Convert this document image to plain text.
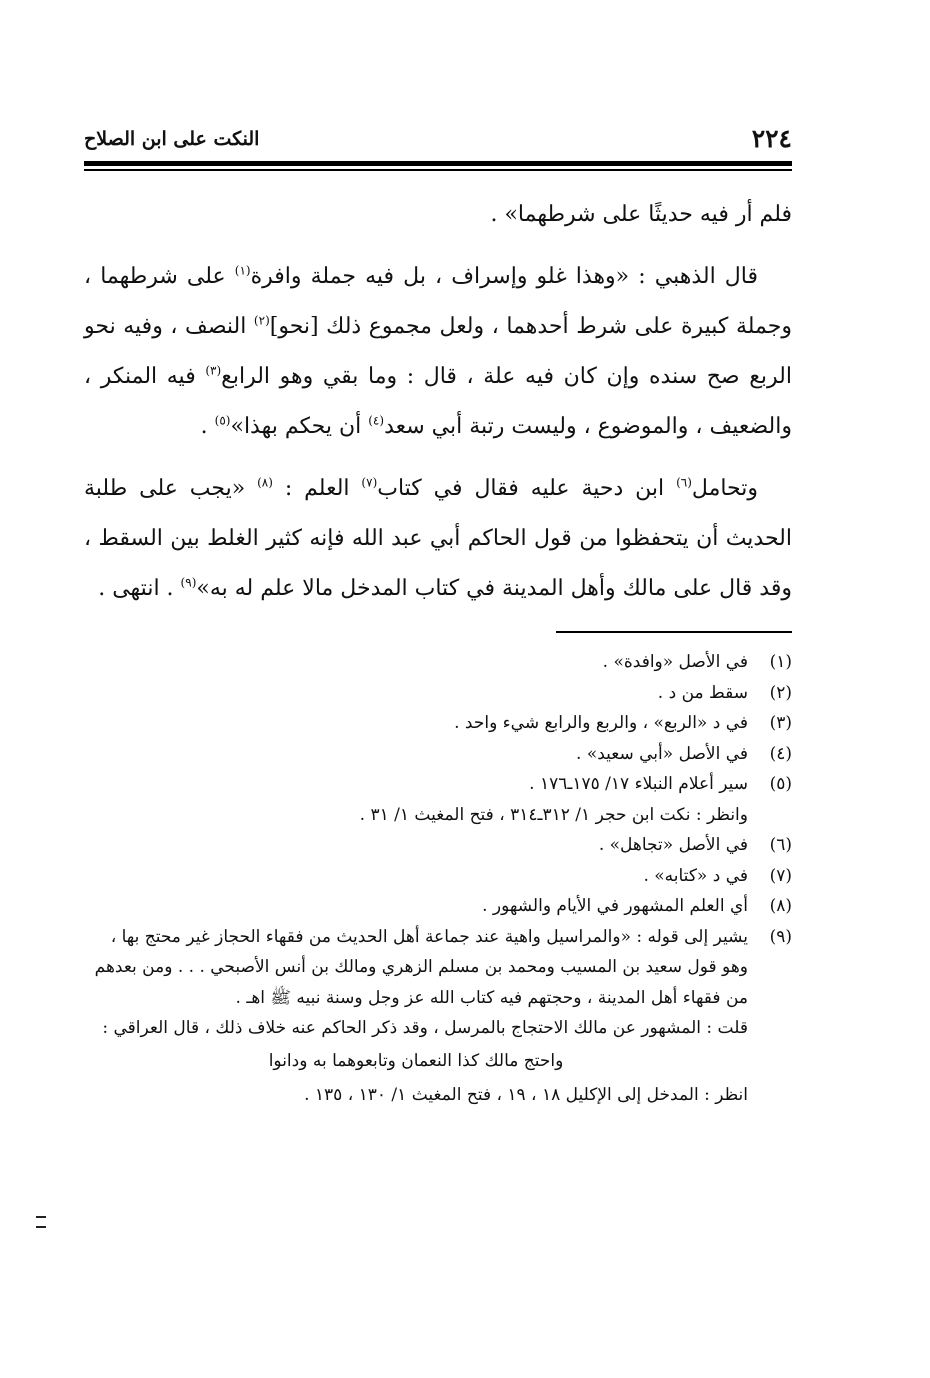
٢٢٤
النكت على ابن الصلاح

فلم أر فيه حديثًا على شرطهما» .

قال الذهبي : «وهذا غلو وإسراف ، بل فيه جملة وافرة$^{(١)}$ على شرطهما ، وجملة كبيرة على شرط أحدهما ، ولعل مجموع ذلك [نحو]$^{(٢)}$ النصف ، وفيه نحو الربع صح سنده وإن كان فيه علة ، قال : وما بقي وهو الرابع$^{(٣)}$ فيه المنكر ، والضعيف ، والموضوع ، وليست رتبة أبي سعد$^{(٤)}$ أن يحكم بهذا»$^{(٥)}$ .

وتحامل$^{(٦)}$ ابن دحية عليه فقال في كتاب$^{(٧)}$ العلم : $^{(٨)}$ «يجب على طلبة الحديث أن يتحفظوا من قول الحاكم أبي عبد الله فإنه كثير الغلط بين السقط ، وقد قال على مالك وأهل المدينة في كتاب المدخل مالا علم له به»$^{(٩)}$ . انتهى .

(١)
في الأصل «وافدة» .
(٢)
سقط من د .
(٣)
في د «الربع» ، والربع والرابع شيء واحد .
(٤)
في الأصل «أبي سعيد» .
(٥)
سير أعلام النبلاء ١٧/ ١٧٥ـ١٧٦ .
وانظر : نكت ابن حجر ١/ ٣١٢ـ٣١٤ ، فتح المغيث ١/ ٣١ .
(٦)
في الأصل «تجاهل» .
(٧)
في د «كتابه» .
(٨)
أي العلم المشهور في الأيام والشهور .
(٩)
يشير إلى قوله : «والمراسيل واهية عند جماعة أهل الحديث من فقهاء الحجاز غير محتج بها ، وهو قول سعيد بن المسيب ومحمد بن مسلم الزهري ومالك بن أنس الأصبحي . . . ومن بعدهم من فقهاء أهل المدينة ، وحجتهم فيه كتاب الله عز وجل وسنة نبيه ﷺ اهـ .
قلت : المشهور عن مالك الاحتجاج بالمرسل ، وقد ذكر الحاكم عنه خلاف ذلك ، قال العراقي :
واحتج مالك كذا النعمان وتابعوهما به ودانوا
انظر : المدخل إلى الإكليل ١٨ ، ١٩ ، فتح المغيث ١/ ١٣٠ ، ١٣٥ .
